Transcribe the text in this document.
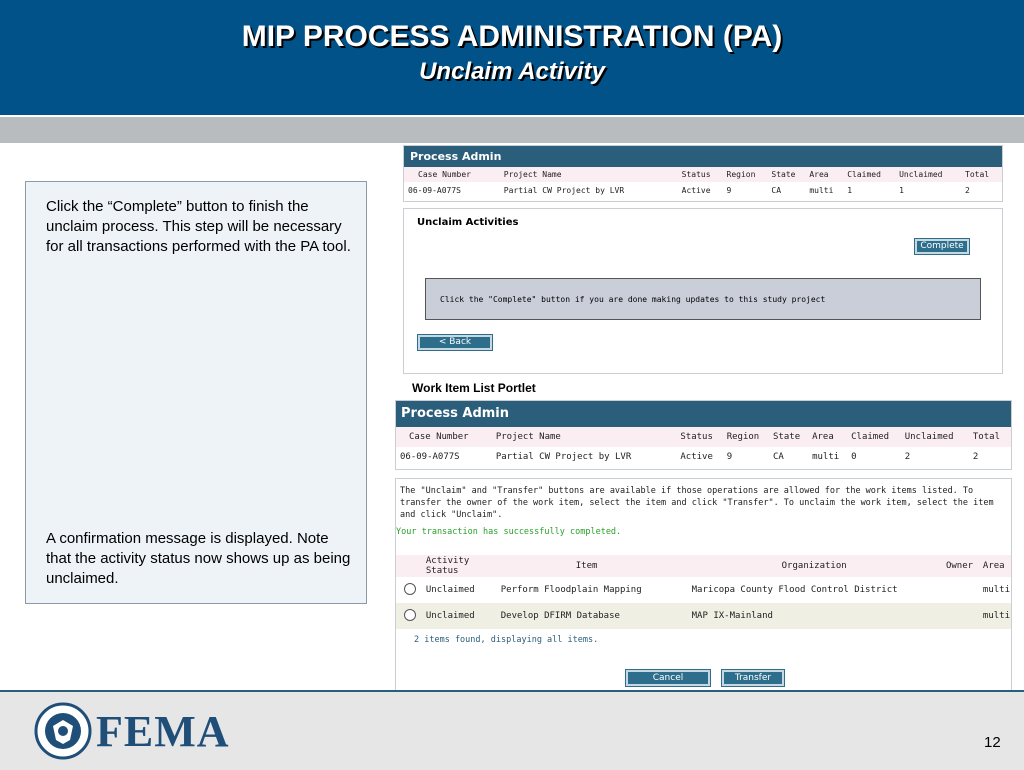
MIP PROCESS ADMINISTRATION (PA)
Unclaim Activity
Click the “Complete” button to finish the unclaim process. This step will be necessary for all transactions performed with the PA tool.
A confirmation message is displayed. Note that the activity status now shows up as being unclaimed.
Process Admin
Case Number	Project Name	Status	Region	State	Area	Claimed	Unclaimed	Total
06-09-A077S	Partial CW Project by LVR	Active	9	CA	multi	1	1	2
Unclaim Activities
Complete
Click the "Complete" button if you are done making updates to this study project
< Back
Work Item List Portlet
Process Admin
Case Number	Project Name	Status	Region	State	Area	Claimed	Unclaimed	Total
06-09-A077S	Partial CW Project by LVR	Active	9	CA	multi	0	2	2
The "Unclaim" and "Transfer" buttons are available if those operations are allowed for the work items listed. To transfer the owner of the work item, select the item and click "Transfer". To unclaim the work item, select the item and click "Unclaim".
Your transaction has successfully completed.
	Activity Status	Item	Organization	Owner	Area
	Unclaimed	Perform Floodplain Mapping	Maricopa County Flood Control District		multi
	Unclaimed	Develop DFIRM Database	MAP IX-Mainland		multi
2 items found, displaying all items.
Cancel	Transfer
FEMA	12
